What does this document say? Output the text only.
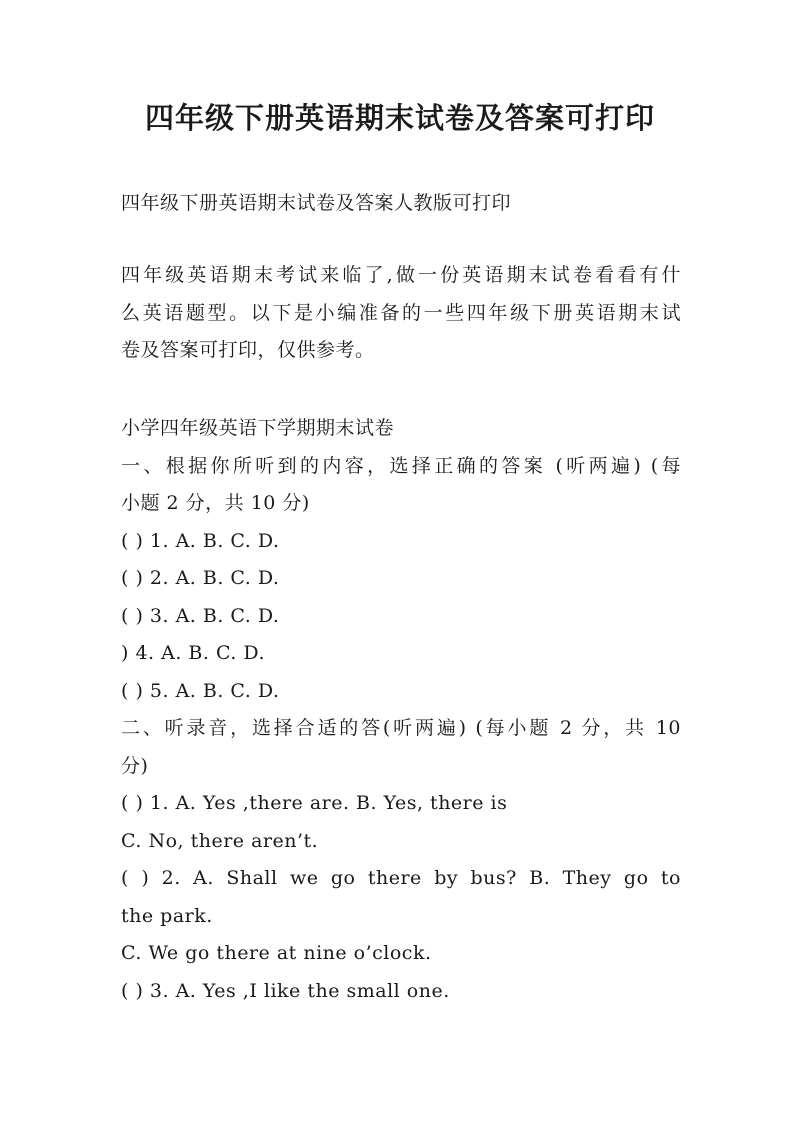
四年级下册英语期末试卷及答案可打印
四年级下册英语期末试卷及答案人教版可打印
四年级英语期末考试来临了,做一份英语期末试卷看看有什
么英语题型。以下是小编准备的一些四年级下册英语期末试
卷及答案可打印，仅供参考。
小学四年级英语下学期期末试卷
一、根据你所听到的内容，选择正确的答案 (听两遍) (每
小题 2 分，共 10 分)
( ) 1. A. B. C. D.
( ) 2. A. B. C. D.
( ) 3. A. B. C. D.
) 4. A. B. C. D.
( ) 5. A. B. C. D.
二、听录音，选择合适的答(听两遍) (每小题 2 分，共 10
分)
( ) 1. A. Yes ,there are. B. Yes, there is
C. No, there aren’t.
( ) 2. A. Shall we go there by bus? B. They go to
the park.
C. We go there at nine o’clock.
( ) 3. A. Yes ,I like the small one.
